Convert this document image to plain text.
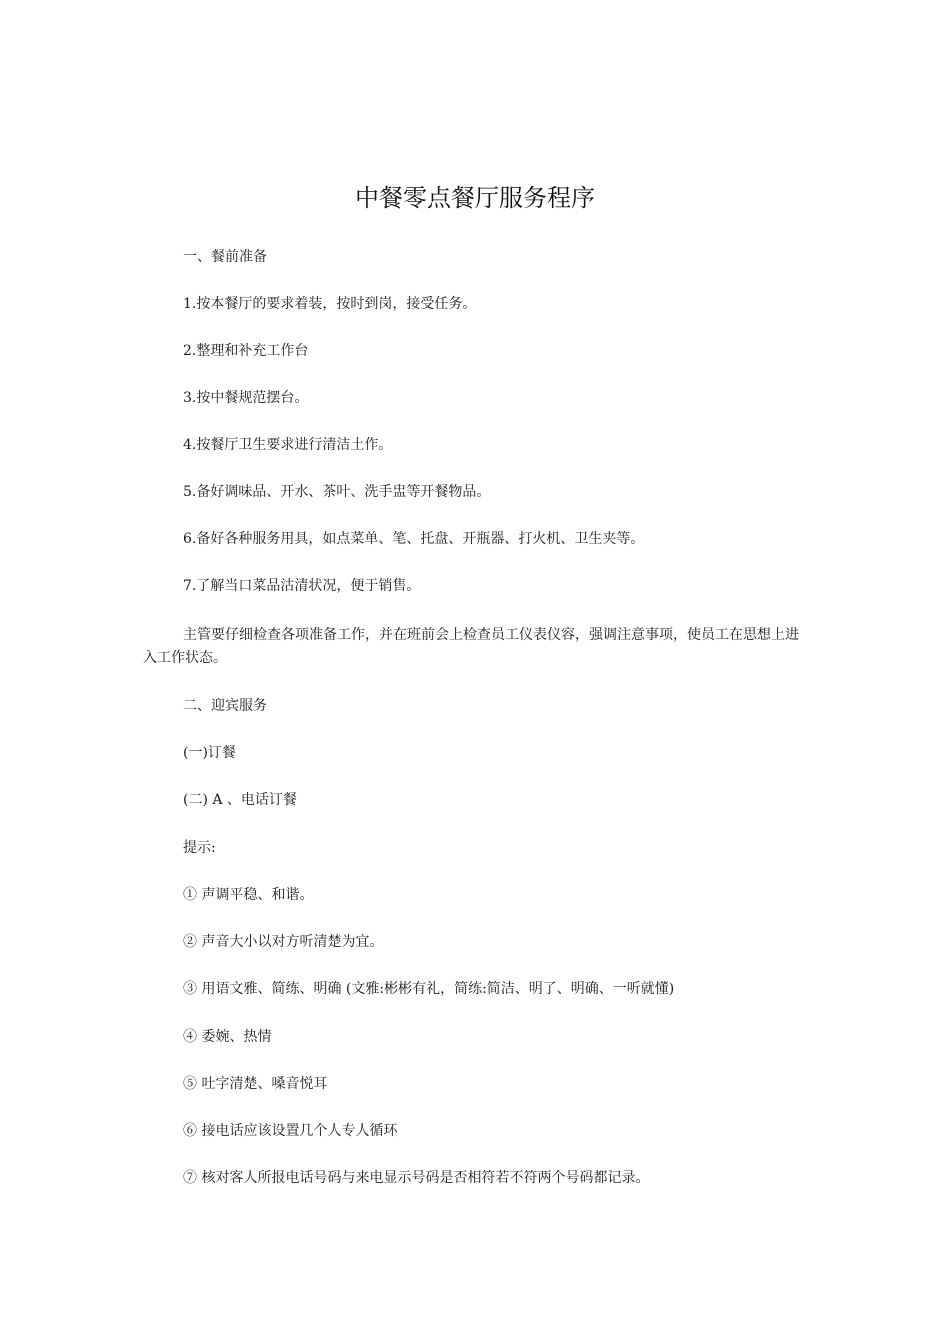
中餐零点餐厅服务程序

一、餐前准备

1.按本餐厅的要求着装，按时到岗，接受任务。

2.整理和补充工作台

3.按中餐规范摆台。

4.按餐厅卫生要求进行清洁土作。

5.备好调味品、开水、茶叶、洗手盅等开餐物品。

6.备好各种服务用具，如点菜单、笔、托盘、开瓶器、打火机、卫生夹等。

7.了解当口菜品沽清状况，便于销售。

主管要仔细检查各项准备工作，并在班前会上检查员工仪表仪容，强调注意事项，使员工在思想上进入工作状态。

二、迎宾服务

(一)订餐

(二) A 、电话订餐

提示:

① 声调平稳、和谐。

② 声音大小以对方听清楚为宜。

③ 用语文雅、简练、明确 (文雅:彬彬有礼，简练:简洁、明了、明确、一听就懂)

④ 委婉、热情

⑤ 吐字清楚、嗓音悦耳

⑥ 接电话应该设置几个人专人循环

⑦ 核对客人所报电话号码与来电显示号码是否相符若不符两个号码都记录。
